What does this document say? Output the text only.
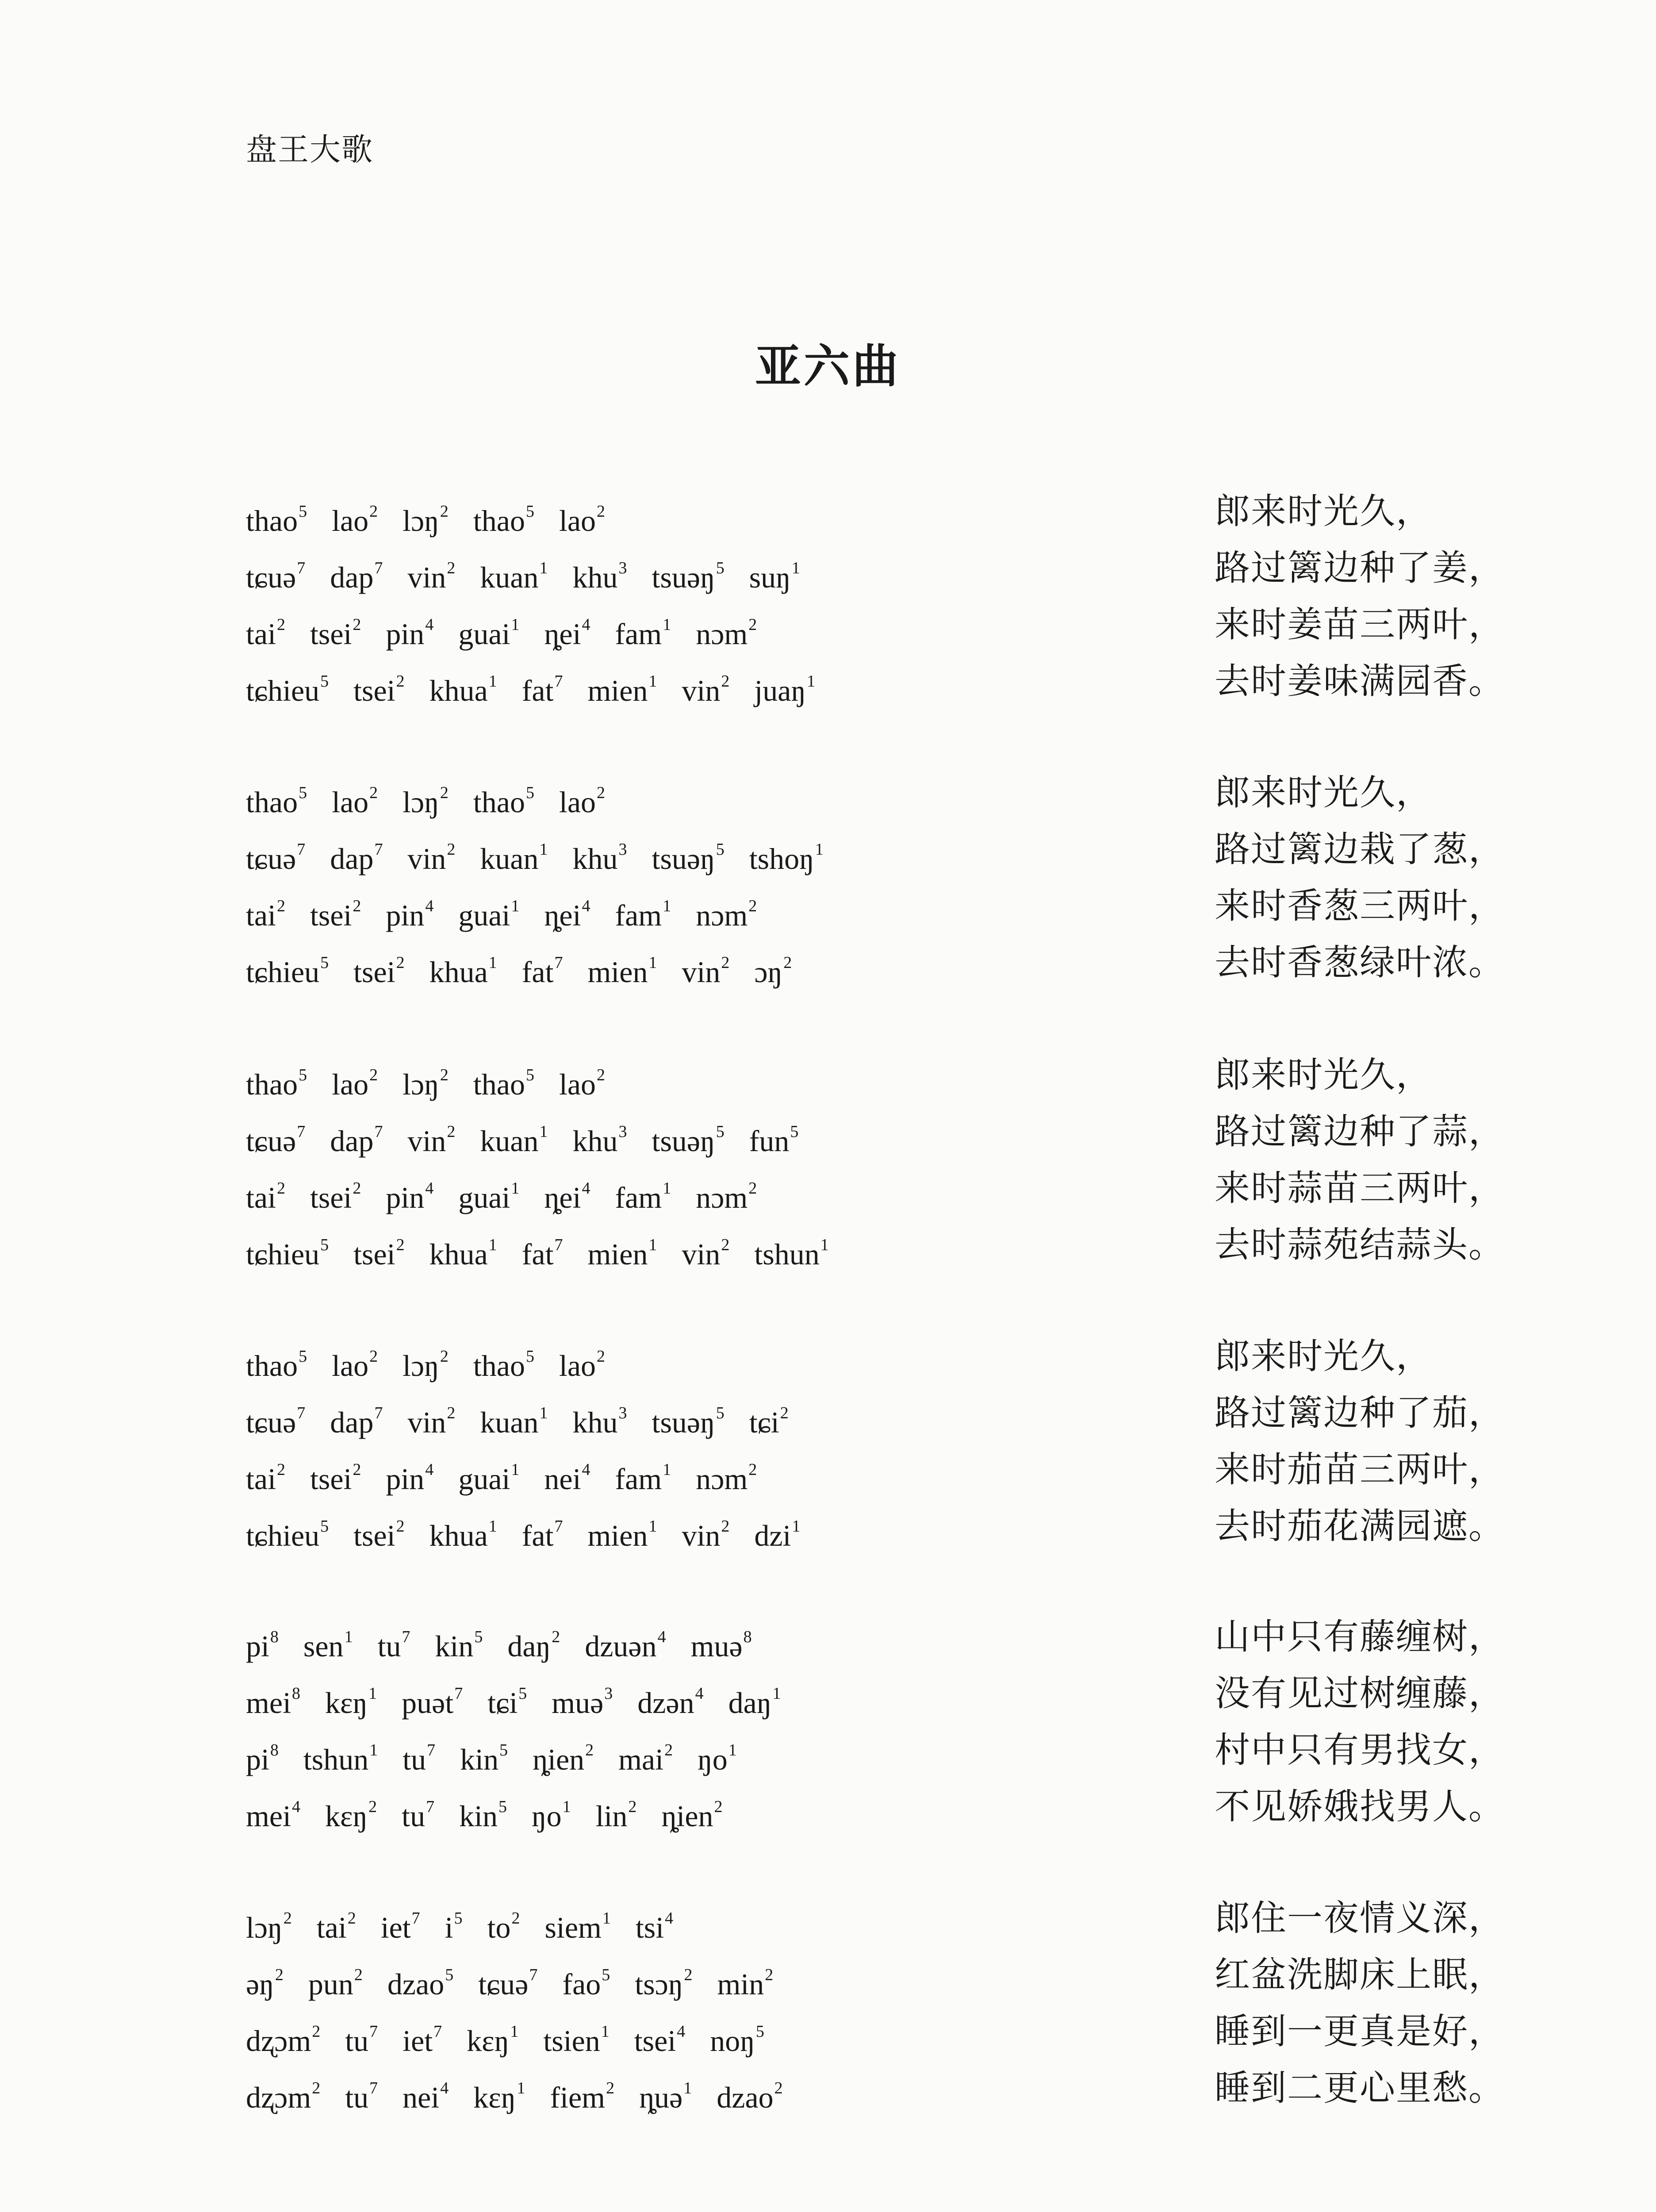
盘王大歌
亚六曲
thao$^5$ lao$^2$ lɔŋ$^2$ thao$^5$ lao$^2$	郎来时光久，
tɕuə$^7$ dap$^7$ vin$^2$ kuan$^1$ khu$^3$ tsuəŋ$^5$ suŋ$^1$	路过篱边种了姜，
tai$^2$ tsei$^2$ pin$^4$ guai$^1$ ȵei$^4$ fam$^1$ nɔm$^2$	来时姜苗三两叶，
tɕhieu$^5$ tsei$^2$ khua$^1$ fat$^7$ mien$^1$ vin$^2$ juaŋ$^1$	去时姜味满园香。
thao$^5$ lao$^2$ lɔŋ$^2$ thao$^5$ lao$^2$	郎来时光久，
tɕuə$^7$ dap$^7$ vin$^2$ kuan$^1$ khu$^3$ tsuəŋ$^5$ tshoŋ$^1$	路过篱边栽了葱，
tai$^2$ tsei$^2$ pin$^4$ guai$^1$ ȵei$^4$ fam$^1$ nɔm$^2$	来时香葱三两叶，
tɕhieu$^5$ tsei$^2$ khua$^1$ fat$^7$ mien$^1$ vin$^2$ ɔŋ$^2$	去时香葱绿叶浓。
thao$^5$ lao$^2$ lɔŋ$^2$ thao$^5$ lao$^2$	郎来时光久，
tɕuə$^7$ dap$^7$ vin$^2$ kuan$^1$ khu$^3$ tsuəŋ$^5$ fun$^5$	路过篱边种了蒜，
tai$^2$ tsei$^2$ pin$^4$ guai$^1$ ȵei$^4$ fam$^1$ nɔm$^2$	来时蒜苗三两叶，
tɕhieu$^5$ tsei$^2$ khua$^1$ fat$^7$ mien$^1$ vin$^2$ tshun$^1$	去时蒜苑结蒜头。
thao$^5$ lao$^2$ lɔŋ$^2$ thao$^5$ lao$^2$	郎来时光久，
tɕuə$^7$ dap$^7$ vin$^2$ kuan$^1$ khu$^3$ tsuəŋ$^5$ tɕi$^2$	路过篱边种了茄，
tai$^2$ tsei$^2$ pin$^4$ guai$^1$ nei$^4$ fam$^1$ nɔm$^2$	来时茄苗三两叶，
tɕhieu$^5$ tsei$^2$ khua$^1$ fat$^7$ mien$^1$ vin$^2$ dzi$^1$	去时茄花满园遮。
$pi^8$ sen$^1$ $tu^7$ kin$^5$ daŋ$^2$ dzuən$^4$ muə$^8$	山中只有藤缠树，
mei$^8$ kɛŋ$^1$ puət$^7$ tɕi$^5$ muə$^3$ dzən$^4$ daŋ$^1$	没有见过树缠藤，
$pi^8$ tshun$^1$ $tu^7$ kin$^5$ ȵien$^2$ mai$^2$ $ŋo^1$	村中只有男找女，
mei$^4$ kɛŋ$^2$ $tu^7$ kin$^5$ $ŋo^1$ lin$^2$ ȵien$^2$	不见娇娥找男人。
lɔŋ$^2$ tai$^2$ iet$^7$ $i^5$ $to^2$ siem$^1$ tsi$^4$	郎住一夜情义深，
əŋ$^2$ pun$^2$ dzao$^5$ tɕuə$^7$ fao$^5$ tsɔŋ$^2$ $\min^2$	红盆洗脚床上眠，
dʐɔm$^2$ $tu^7$ iet$^7$ kɛŋ$^1$ tsien$^1$ tsei$^4$ noŋ$^5$	睡到一更真是好，
dʐɔm$^2$ $tu^7$ nei$^4$ kɛŋ$^1$ fiem$^2$ ȵuə$^1$ dzao$^2$	睡到二更心里愁。
